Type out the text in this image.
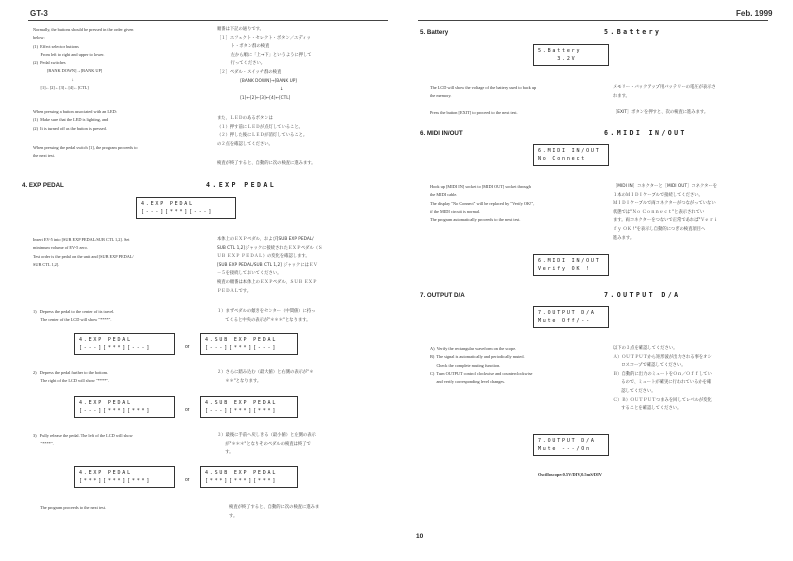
GT-3	Feb. 1999
Normally, the buttons should be pressed in the order given
below:
(1)  Effect selector buttons
From left to right and upper to lower.
(2)  Pedal switches
[BANK DOWN]→[BANK UP]
↓
[1]←[2]←[3]←[4]←[CTL]
順番は下記の通りです。
［１］エフェクト・セレクト・ボタン／エディッ
ト・ボタン群の検査
左から順に「上→下」というように押して
行ってください。
［２］ペダル・スイッチ群の検査
[BANK DOWN]→[BANK UP]
↓
[1]←[2]←[3]←[4]←[CTL]
When pressing a button associated with an LED:
(1)  Make sure that the LED is lighting, and
(2)  It is turned off as the button is pressed.
また、ＬＥＤのあるボタンは
（１）押す前にＬＥＤが点灯していること。
（２）押した後にＬＥＤが消灯していること。
の２点を確認してください。
When pressing the pedal switch [1], the program proceeds to
the next test.
検査が終了すると、自動的に次の検査に進みます。
4. EXP PEDAL	4.EXP PEDAL
4.EXP PEDAL
[---][***][---]
Insert EV-5 into [SUB EXP PEDAL/SUB CTL 1,2]. Set
minimum volume of EV-5 zero.
Test order is the pedal on the unit and [SUB EXP PEDAL/
SUB CTL 1,2].
本体上のＥＸＰペダル、および[SUB EXP PEDAL/
SUB CTL 1,2]ジャックに接続されたＥＸＰペダル（Ｓ
ＵＢ ＥＸＰ ＰＥＤＡＬ）の変化を確認します。
[SUB EXP PEDAL/SUB CTL 1,2] ジャックにはＥＶ
－５を接続しておいてください。
検査の順番は本体上のＥＸＰペダル、ＳＵＢ ＥＸＰ
ＰＥＤＡＬです。
1)   Depress the pedal to the center of its travel.
The center of the LCD will show "****".
１）まずペダルの傾きをセンター（中間値）に持っ
てくると中央の表示が"＊＊＊"となります。
4.EXP PEDAL
[---][***][---]	or
4.SUB EXP PEDAL
[---][***][---]
2)   Depress the pedal further to the bottom.
The right of the LCD will show "****".
２）さらに踏み込む（最大値）と右側の表示が"＊
＊＊"となります。
4.EXP PEDAL
[---][***][***]	or
4.SUB EXP PEDAL
[---][***][***]
3)   Fully release the pedal. The left of the LCD will show
"****".
３）最後に手前へ戻しきる（最小値）と左側の表示
が"＊＊＊"となりそのペダルの検査は終了で
す。
4.EXP PEDAL
[***][***][***]	or
4.SUB EXP PEDAL
[***][***][***]
The program proceeds to the next test.	検査が終了すると、自動的に次の検査に進みま
す。
5. Battery	5.Battery
5.Battery
3.2V
The LCD will show the voltage of the battery used to back up
the memory.
メモリー・バックアップ用バッテリーの電圧が表示さ
れます。
Press the button [EXIT] to proceed to the next test.	［EXIT］ボタンを押すと、次の検査に進みます。
6. MIDI IN/OUT	6.MIDI IN/OUT
6.MIDI IN/OUT
No Connect
Hook up [MIDI IN] socket to [MIDI OUT] socket through
the MIDI cable.
The display "No Connect" will be replaced by "Verify OK!",
if the MIDI circuit is normal.
The program automatically proceeds to the next test.
［MIDI IN］コネクターと［MIDI OUT］コネクターを
１本のＭＩＤＩケーブルで接続してください。
ＭＩＤＩケーブルで両コネクターがつながっていない
状態では"Ｎｏ Ｃｏｎｎｅｃｔ"と表示されてい
ます。両コネクターをつないで正常であれば"Ｖｅｒｉ
ｆｙ ＯＫ !"を表示し自動的につぎの検査項目へ
進みます。
6.MIDI IN/OUT
Verify OK !
7. OUTPUT D/A	7.OUTPUT D/A
7.OUTPUT D/A
Mute Off/--
A)  Verify the rectangular waveform on the scope.
B)  The signal is automatically and periodically muted.
Check the complete muting function.
C)  Turn OUTPUT control clockwise and counterclockwise
and verify corresponding level changes.
以下の３点を確認してください。
Ａ）ＯＵＴＰＵＴから矩形波が出力される事をオシ
ロスコープで確認してください。
Ｂ）自動的に出力のミュートをＯｎ／Ｏｆｆしてい
るので、ミュートが確実に行われているかを確
認してください。
Ｃ）Ｂ）ＯＵＴＰＵＴつまみを回してレベルが変化
することを確認してください。
7.OUTPUT D/A
Mute ---/On
Oscilloscope:0.5V/DIV,0.5mS/DIV
10
